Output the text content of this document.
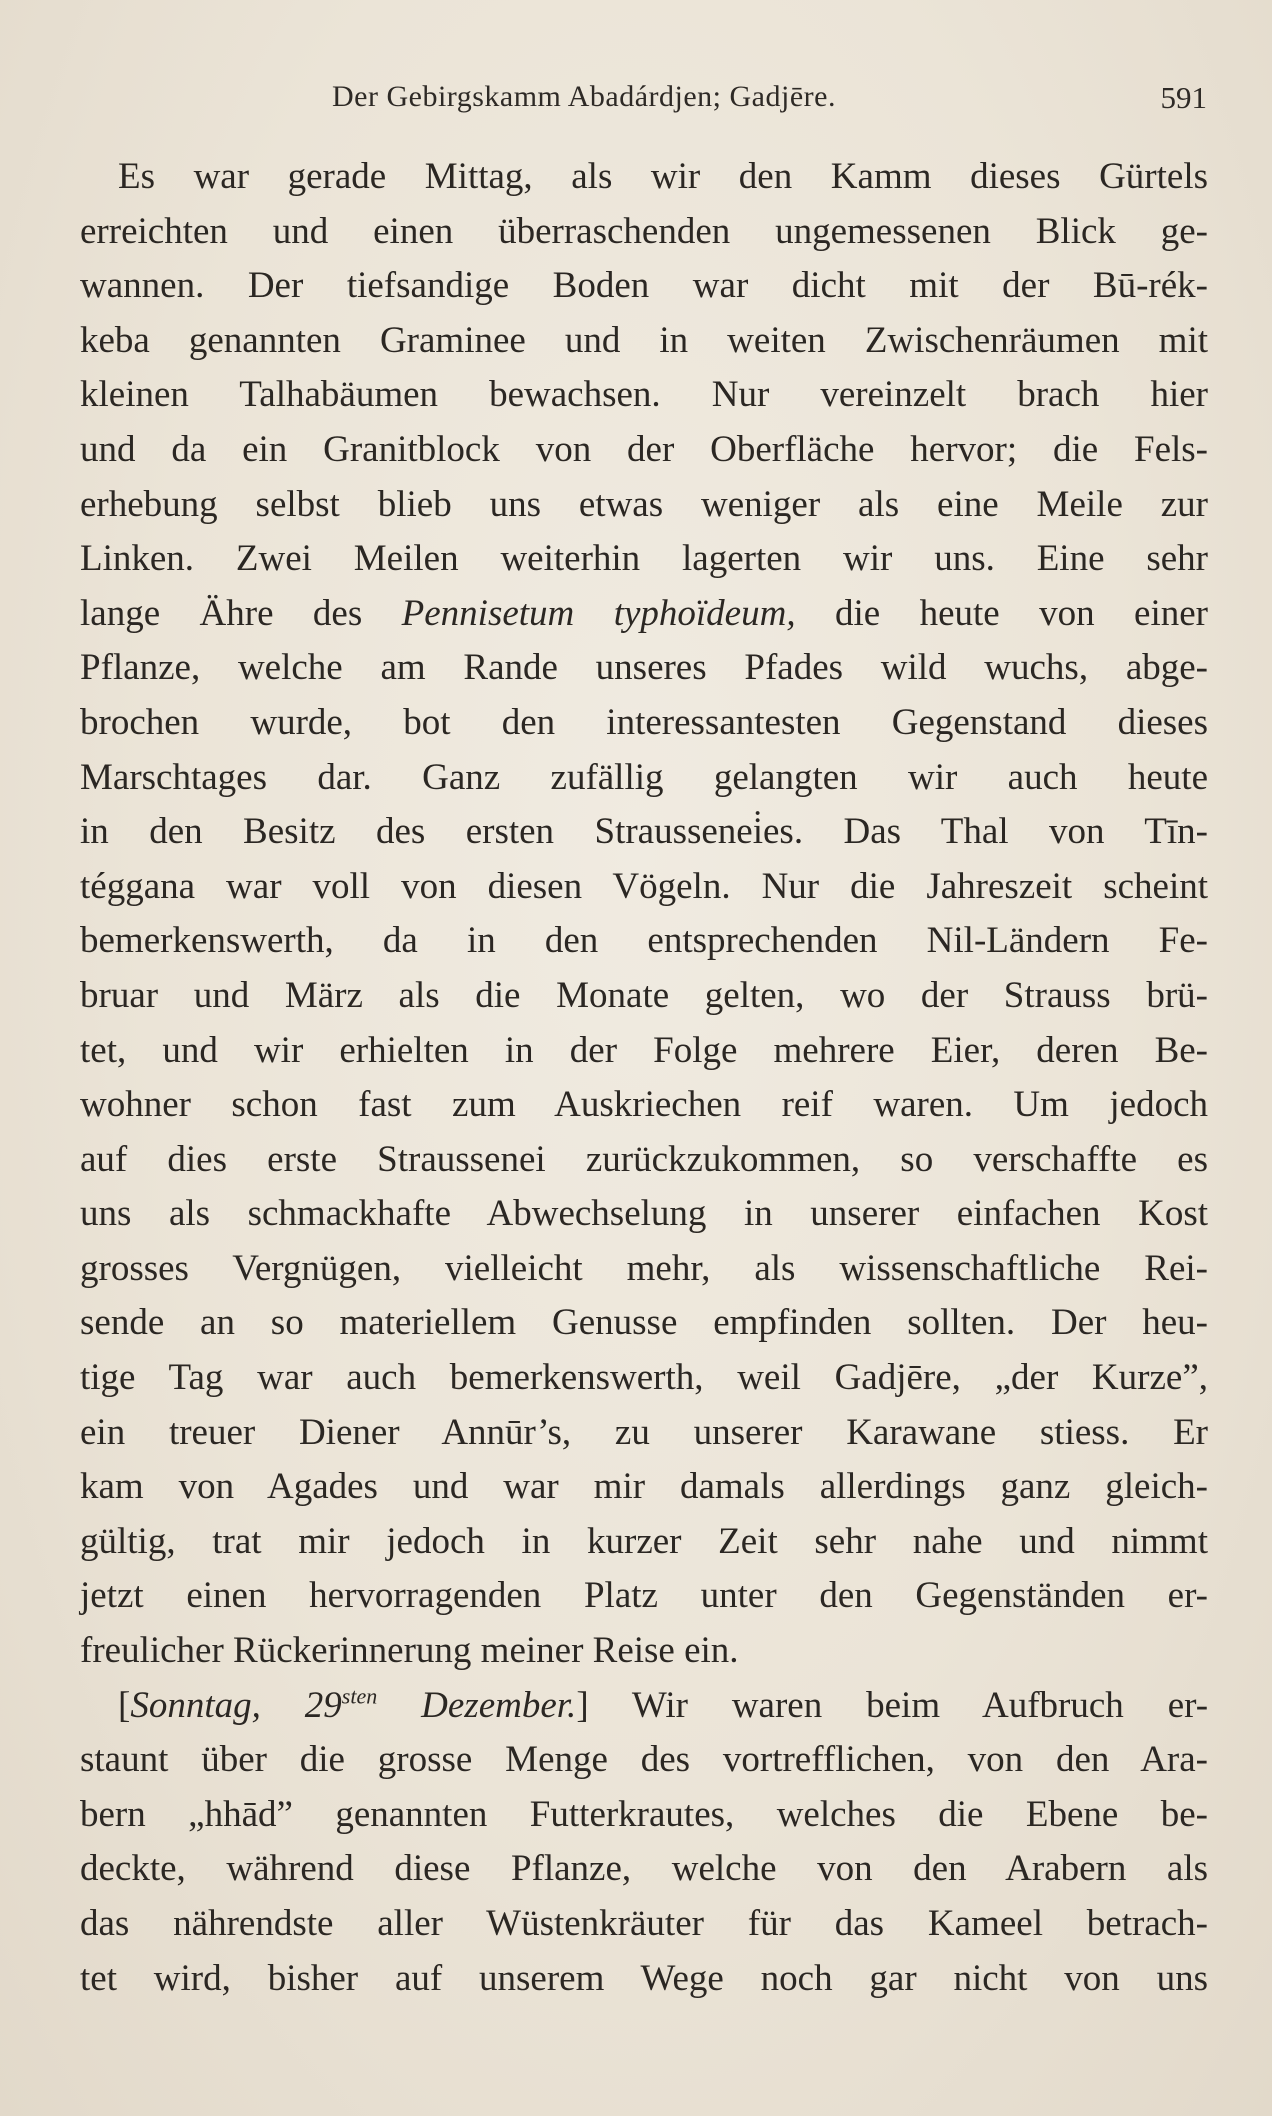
Der Gebirgskamm Abadárdjen; Gadjēre.	591
Es war gerade Mittag, als wir den Kamm dieses Gürtels
erreichten und einen überraschenden ungemessenen Blick ge-
wannen. Der tiefsandige Boden war dicht mit der Bū-rék-
keba genannten Graminee und in weiten Zwischenräumen mit
kleinen Talhabäumen bewachsen. Nur vereinzelt brach hier
und da ein Granitblock von der Oberfläche hervor; die Fels-
erhebung selbst blieb uns etwas weniger als eine Meile zur
Linken. Zwei Meilen weiterhin lagerten wir uns. Eine sehr
lange Ähre des Pennisetum typhoïdeum, die heute von einer
Pflanze, welche am Rande unseres Pfades wild wuchs, abge-
brochen wurde, bot den interessantesten Gegenstand dieses
Marschtages dar. Ganz zufällig gelangten wir auch heute
in den Besitz des ersten Straussenei̇es. Das Thal von Tīn-
téggana war voll von diesen Vögeln. Nur die Jahreszeit scheint
bemerkenswerth, da in den entsprechenden Nil-Ländern Fe-
bruar und März als die Monate gelten, wo der Strauss brü-
tet, und wir erhielten in der Folge mehrere Eier, deren Be-
wohner schon fast zum Auskriechen reif waren. Um jedoch
auf dies erste Straussenei zurückzukommen, so verschaffte es
uns als schmackhafte Abwechselung in unserer einfachen Kost
grosses Vergnügen, vielleicht mehr, als wissenschaftliche Rei-
sende an so materiellem Genusse empfinden sollten. Der heu-
tige Tag war auch bemerkenswerth, weil Gadjēre, „der Kurze”,
ein treuer Diener Annūr’s, zu unserer Karawane stiess. Er
kam von Agades und war mir damals allerdings ganz gleich-
gültig, trat mir jedoch in kurzer Zeit sehr nahe und nimmt
jetzt einen hervorragenden Platz unter den Gegenständen er-
freulicher Rückerinnerung meiner Reise ein.
[Sonntag, $29^{sten}$ Dezember.] Wir waren beim Aufbruch er-
staunt über die grosse Menge des vortrefflichen, von den Ara-
bern „hhād” genannten Futterkrautes, welches die Ebene be-
deckte, während diese Pflanze, welche von den Arabern als
das nährendste aller Wüstenkräuter für das Kameel betrach-
tet wird, bisher auf unserem Wege noch gar nicht von uns
